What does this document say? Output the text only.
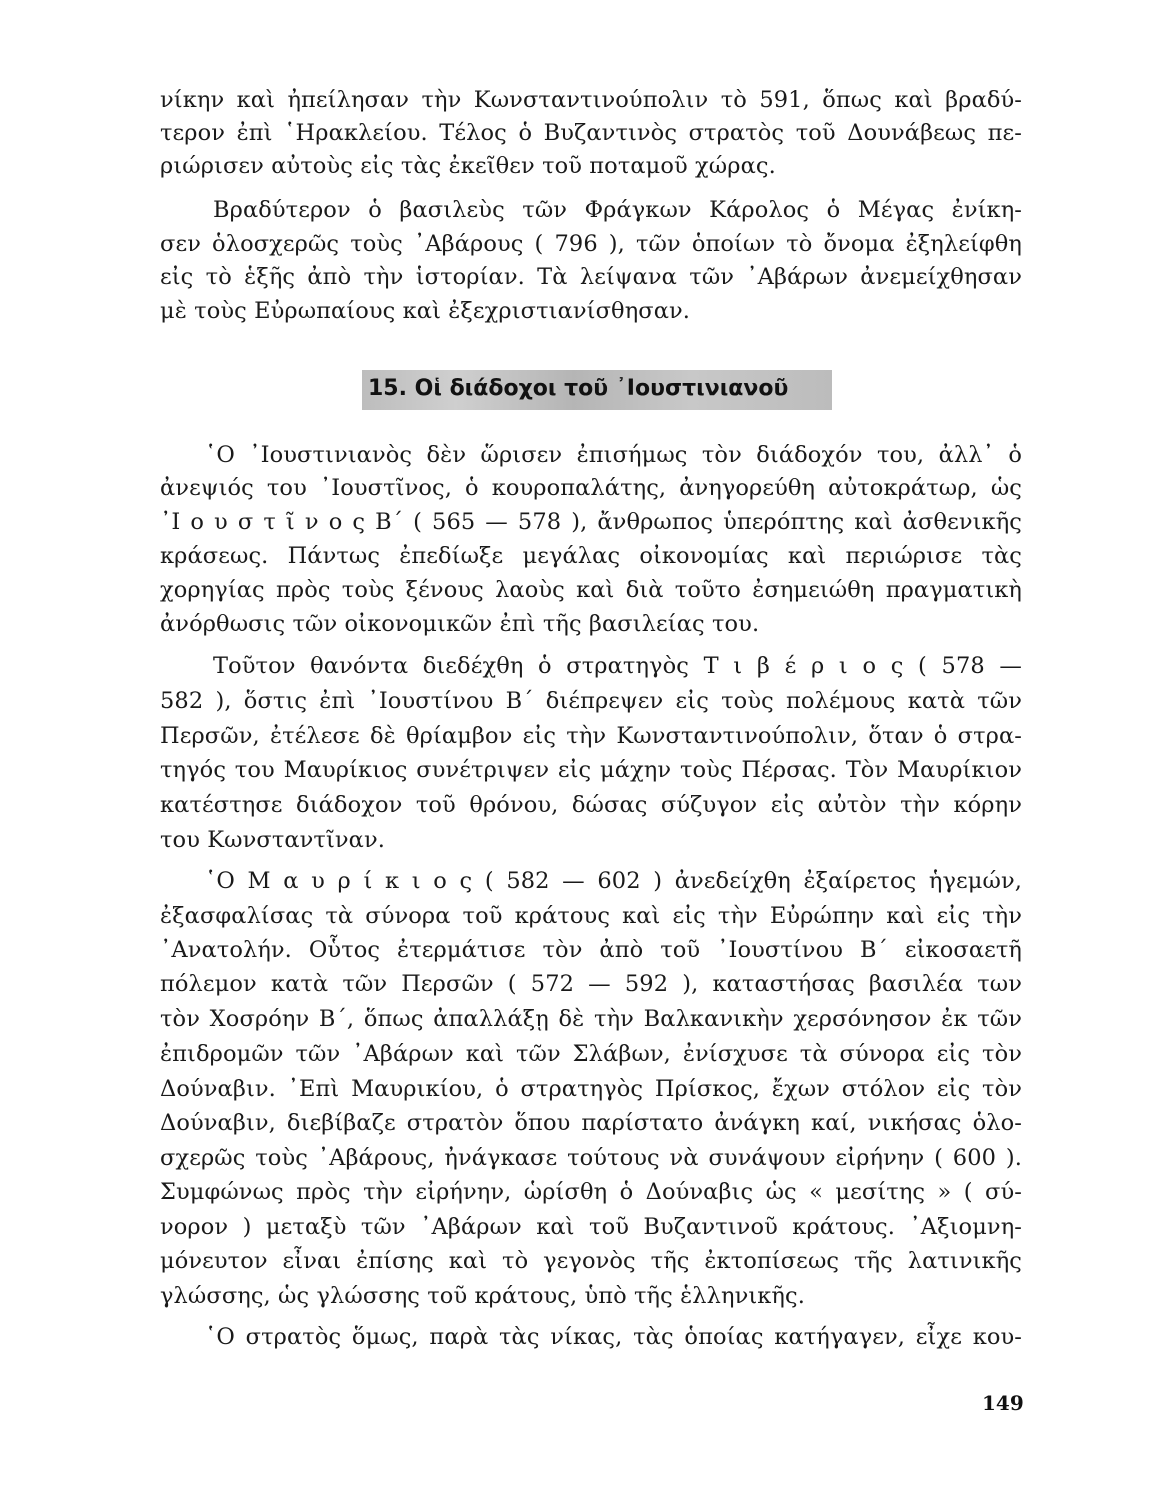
νίκην καὶ ἠπείλησαν τὴν Κωνσταντινούπολιν τὸ 591, ὅπως καὶ βραδύ-
τερον ἐπὶ ῾Ηρακλείου. Τέλος ὁ Βυζαντινὸς στρατὸς τοῦ Δουνάβεως πε-
ριώρισεν αὐτοὺς εἰς τὰς ἐκεῖθεν τοῦ ποταμοῦ χώρας.
Βραδύτερον ὁ βασιλεὺς τῶν Φράγκων Κάρολος ὁ Μέγας ἐνίκη-
σεν ὁλοσχερῶς τοὺς ᾿Αβάρους ( 796 ), τῶν ὁποίων τὸ ὄνομα ἐξηλείφθη
εἰς τὸ ἑξῆς ἀπὸ τὴν ἱστορίαν. Τὰ λείψανα τῶν ᾿Αβάρων ἀνεμείχθησαν
μὲ τοὺς Εὐρωπαίους καὶ ἐξεχριστιανίσθησαν.
15. Οἱ διάδοχοι τοῦ ᾿Ιουστινιανοῦ
῾Ο ᾿Ιουστινιανὸς δὲν ὥρισεν ἐπισήμως τὸν διάδοχόν του, ἀλλ᾿ ὁ
ἀνεψιός του ᾿Ιουστῖνος, ὁ κουροπαλάτης, ἀνηγορεύθη αὐτοκράτωρ, ὡς
᾿Ι ο υ σ τ ῖ ν ο ς Β΄ ( 565 — 578 ), ἄνθρωπος ὑπερόπτης καὶ ἀσθενικῆς
κράσεως. Πάντως ἐπεδίωξε μεγάλας οἰκονομίας καὶ περιώρισε τὰς
χορηγίας πρὸς τοὺς ξένους λαοὺς καὶ διὰ τοῦτο ἐσημειώθη πραγματικὴ
ἀνόρθωσις τῶν οἰκονομικῶν ἐπὶ τῆς βασιλείας του.
Τοῦτον θανόντα διεδέχθη ὁ στρατηγὸς Τ ι β έ ρ ι ο ς ( 578 —
582 ), ὅστις ἐπὶ ᾿Ιουστίνου Β΄ διέπρεψεν εἰς τοὺς πολέμους κατὰ τῶν
Περσῶν, ἐτέλεσε δὲ θρίαμβον εἰς τὴν Κωνσταντινούπολιν, ὅταν ὁ στρα-
τηγός του Μαυρίκιος συνέτριψεν εἰς μάχην τοὺς Πέρσας. Τὸν Μαυρίκιον
κατέστησε διάδοχον τοῦ θρόνου, δώσας σύζυγον εἰς αὐτὸν τὴν κόρην
του Κωνσταντῖναν.
῾Ο Μ α υ ρ ί κ ι ο ς ( 582 — 602 ) ἀνεδείχθη ἐξαίρετος ἡγεμών,
ἐξασφαλίσας τὰ σύνορα τοῦ κράτους καὶ εἰς τὴν Εὐρώπην καὶ εἰς τὴν
᾿Ανατολήν. Οὗτος ἐτερμάτισε τὸν ἀπὸ τοῦ ᾿Ιουστίνου Β΄ εἰκοσαετῆ
πόλεμον κατὰ τῶν Περσῶν ( 572 — 592 ), καταστήσας βασιλέα των
τὸν Χοσρόην Β΄, ὅπως ἀπαλλάξῃ δὲ τὴν Βαλκανικὴν χερσόνησον ἐκ τῶν
ἐπιδρομῶν τῶν ᾿Αβάρων καὶ τῶν Σλάβων, ἐνίσχυσε τὰ σύνορα εἰς τὸν
Δούναβιν. ᾿Επὶ Μαυρικίου, ὁ στρατηγὸς Πρίσκος, ἔχων στόλον εἰς τὸν
Δούναβιν, διεβίβαζε στρατὸν ὅπου παρίστατο ἀνάγκη καί, νικήσας ὁλο-
σχερῶς τοὺς ᾿Αβάρους, ἠνάγκασε τούτους νὰ συνάψουν εἰρήνην ( 600 ).
Συμφώνως πρὸς τὴν εἰρήνην, ὡρίσθη ὁ Δούναβις ὡς « μεσίτης » ( σύ-
νορον ) μεταξὺ τῶν ᾿Αβάρων καὶ τοῦ Βυζαντινοῦ κράτους. ᾿Αξιομνη-
μόνευτον εἶναι ἐπίσης καὶ τὸ γεγονὸς τῆς ἐκτοπίσεως τῆς λατινικῆς
γλώσσης, ὡς γλώσσης τοῦ κράτους, ὑπὸ τῆς ἑλληνικῆς.
῾Ο στρατὸς ὅμως, παρὰ τὰς νίκας, τὰς ὁποίας κατήγαγεν, εἶχε κου-
149
